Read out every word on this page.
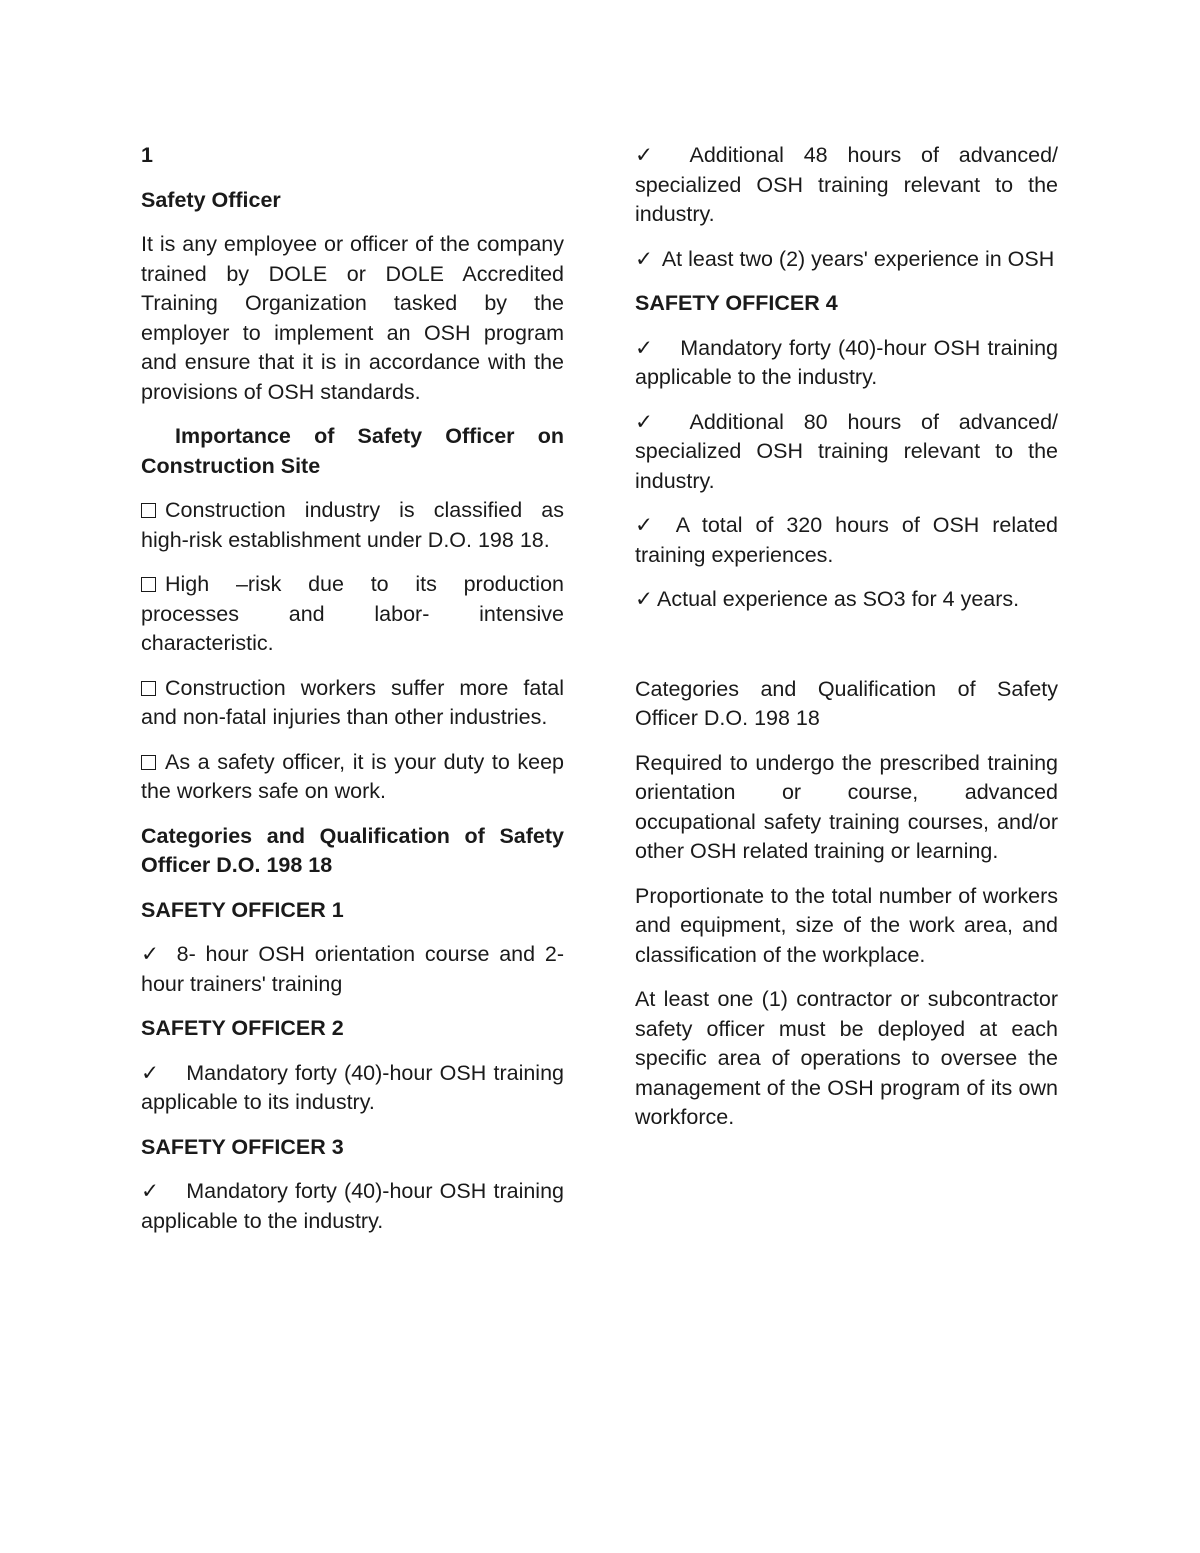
1

Safety Officer

It is any employee or officer of the company trained by DOLE or DOLE Accredited Training Organization tasked by the employer to implement an OSH program and ensure that it is in accordance with the provisions of OSH standards.

Importance of Safety Officer on Construction Site

Construction industry is classified as high-risk establishment under D.O. 198 18.

High –risk due to its production processes and labor- intensive characteristic.

Construction workers suffer more fatal and non-fatal injuries than other industries.

As a safety officer, it is your duty to keep the workers safe on work.

Categories and Qualification of Safety Officer D.O. 198 18

SAFETY OFFICER 1

✓ 8- hour OSH orientation course and 2-hour trainers' training

SAFETY OFFICER 2

✓ Mandatory forty (40)-hour OSH training applicable to its industry.

SAFETY OFFICER 3

✓ Mandatory forty (40)-hour OSH training applicable to the industry.

✓ Additional 48 hours of advanced/ specialized OSH training relevant to the industry.

✓ At least two (2) years' experience in OSH

SAFETY OFFICER 4

✓ Mandatory forty (40)-hour OSH training applicable to the industry.

✓ Additional 80 hours of advanced/ specialized OSH training relevant to the industry.

✓ A total of 320 hours of OSH related training experiences.

✓ Actual experience as SO3 for 4 years.

Categories and Qualification of Safety Officer D.O. 198 18

Required to undergo the prescribed training orientation or course, advanced occupational safety training courses, and/or other OSH related training or learning.

Proportionate to the total number of workers and equipment, size of the work area, and classification of the workplace.

At least one (1) contractor or subcontractor safety officer must be deployed at each specific area of operations to oversee the management of the OSH program of its own workforce.
